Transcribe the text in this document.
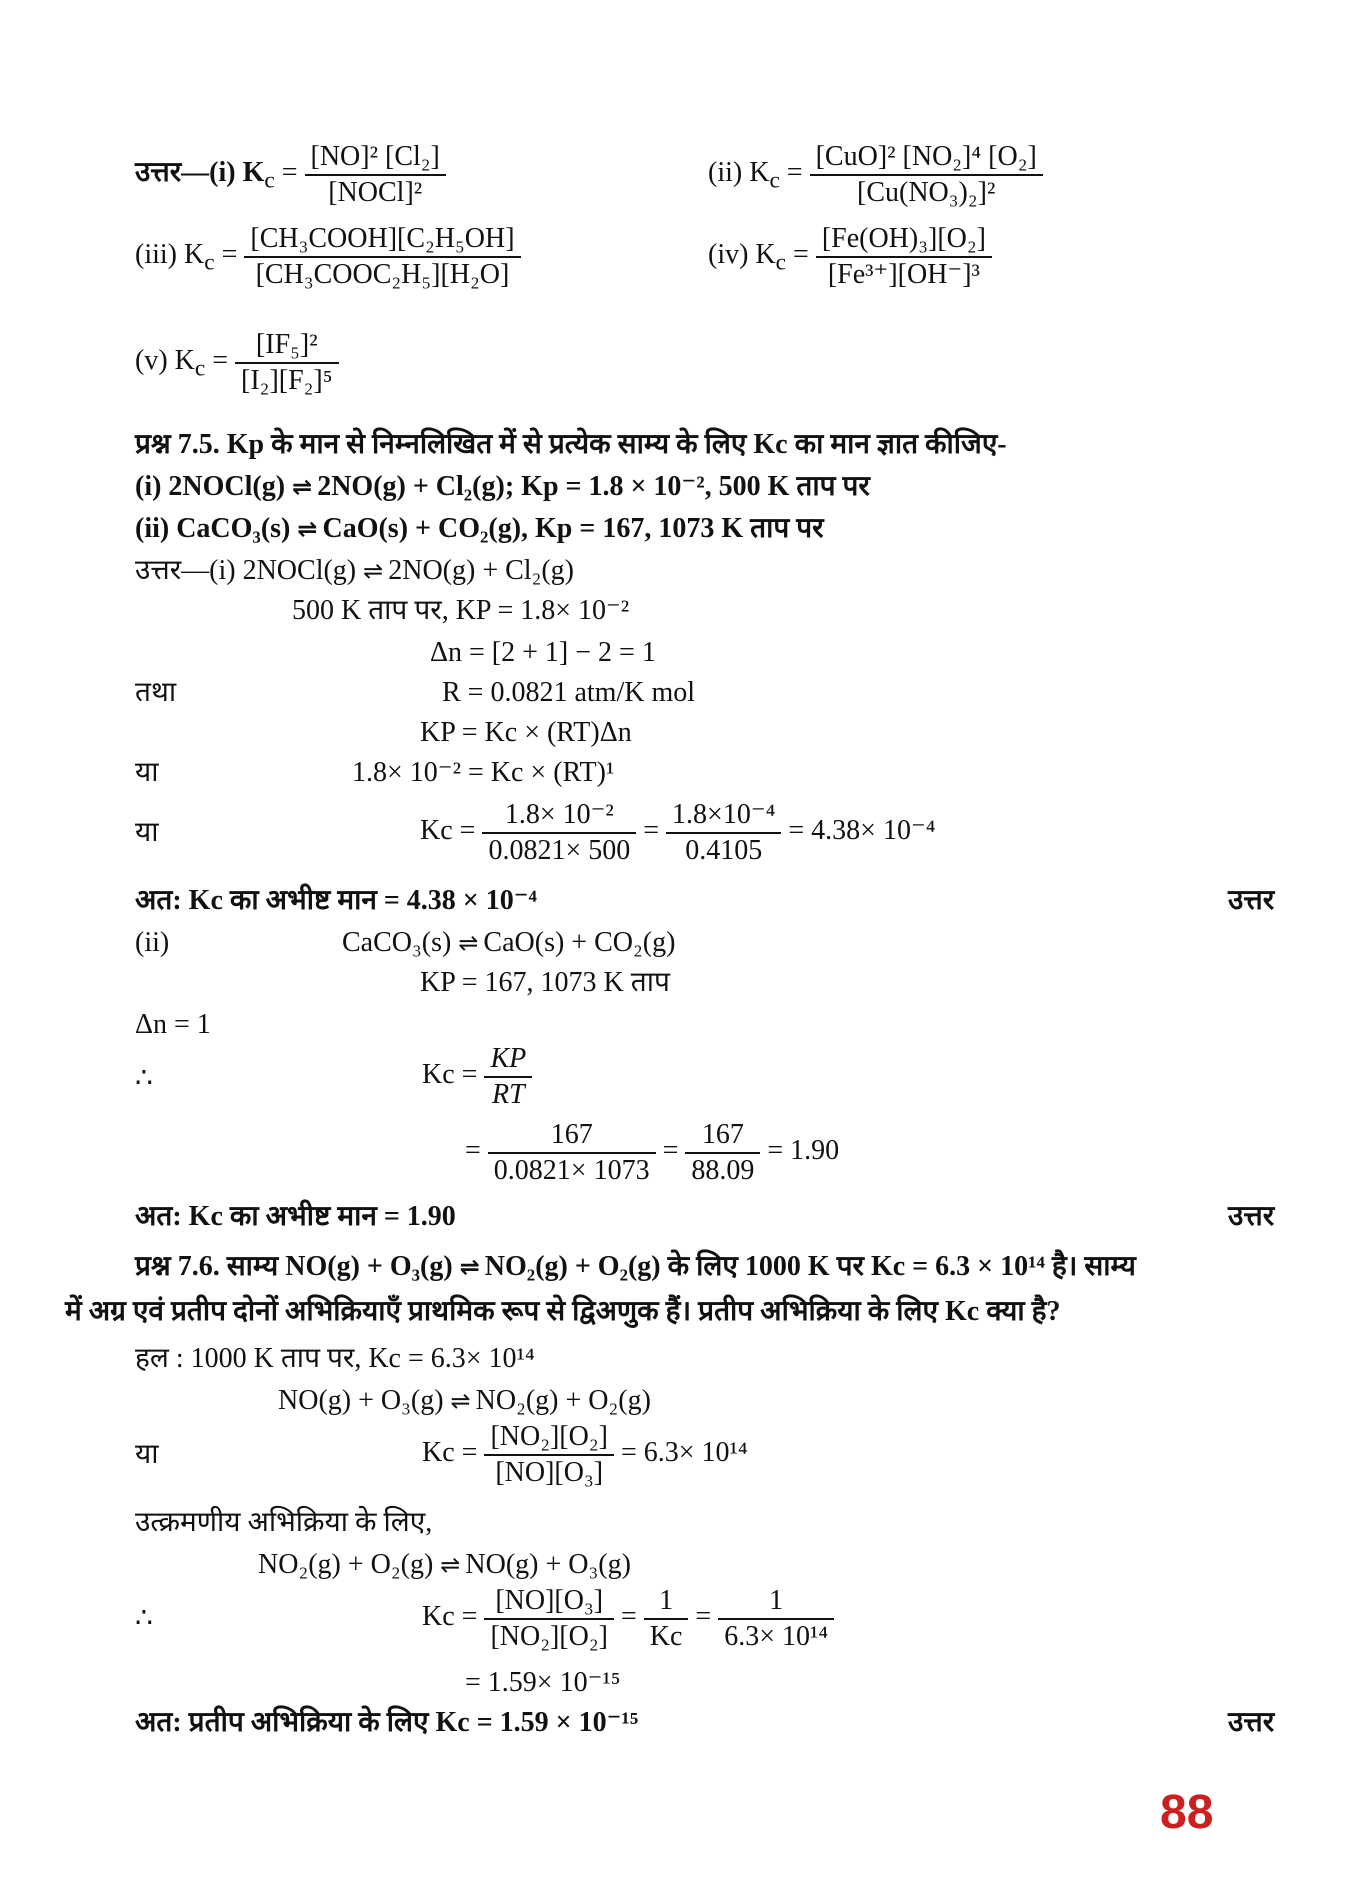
उत्तर—(i) $K_c = \frac{\text{[NO]² [Cl₂]}}{\text{[NOCl]²}}$	(ii) $K_c = \frac{\text{[CuO]² [NO₂]⁴ [O₂]}}{\text{[Cu(NO₃)₂]²}}$
(iii) $K_c = \frac{\text{[CH₃COOH][C₂H₅OH]}}{\text{[CH₃COOC₂H₅][H₂O]}}$	(iv) $K_c = \frac{\text{[Fe(OH)₃][O₂]}}{\text{[Fe³⁺][OH⁻]³}}$
(v) $K_c = \frac{\text{[IF₅]²}}{\text{[I₂][F₂]⁵}}$
प्रश्न 7.5. Kp के मान से निम्नलिखित में से प्रत्येक साम्य के लिए Kc का मान ज्ञात कीजिए-
(i) 2NOCl(g) ⇌ 2NO(g) + Cl₂(g); Kp = 1.8 × 10⁻², 500 K ताप पर
(ii) CaCO₃(s) ⇌ CaO(s) + CO₂(g), Kp = 167, 1073 K ताप पर
उत्तर—(i) 2NOCl(g) ⇌ 2NO(g) + Cl₂(g)
500 K ताप पर, KP = 1.8× 10⁻²
Δn = [2 + 1] − 2 = 1
तथा	R = 0.0821 atm/K mol
KP = Kc × (RT)Δn
या	1.8× 10⁻² = Kc × (RT)¹
या	$Kc = \frac{\text{1.8× 10⁻²}}{0.0821\times 500} = \frac{\text{1.8×10⁻⁴}}{0.4105} = 4.38\times 10^{-4}$
अत: Kc का अभीष्ट मान = 4.38 × 10⁻⁴	उत्तर
(ii)	CaCO₃(s) ⇌ CaO(s) + CO₂(g)
KP = 167, 1073 K ताप
Δn = 1
∴	$Kc = \frac{KP}{RT}$
= $\frac{167}{0.0821\times 1073} = \frac{167}{88.09} = 1.90$
अत: Kc का अभीष्ट मान = 1.90	उत्तर
प्रश्न 7.6. साम्य NO(g) + O₃(g) ⇌ NO₂(g) + O₂(g) के लिए 1000 K पर Kc = 6.3 × 10¹⁴ है। साम्य
में अग्र एवं प्रतीप दोनों अभिक्रियाएँ प्राथमिक रूप से द्विअणुक हैं। प्रतीप अभिक्रिया के लिए Kc क्या है?
हल : 1000 K ताप पर, Kc = 6.3× 10¹⁴
NO(g) + O₃(g) ⇌ NO₂(g) + O₂(g)
या	$Kc = \frac{\text{[NO₂][O₂]}}{\text{[NO][O₃]}} = 6.3\times 10^{14}$
उत्क्रमणीय अभिक्रिया के लिए,
NO₂(g) + O₂(g) ⇌ NO(g) + O₃(g)
∴	$Kc = \frac{\text{[NO][O₃]}}{\text{[NO₂][O₂]}} = \frac{1}{Kc} = \frac{1}{\text{6.3× 10¹⁴}}$
= 1.59× 10⁻¹⁵
अत: प्रतीप अभिक्रिया के लिए Kc = 1.59 × 10⁻¹⁵	उत्तर
88
